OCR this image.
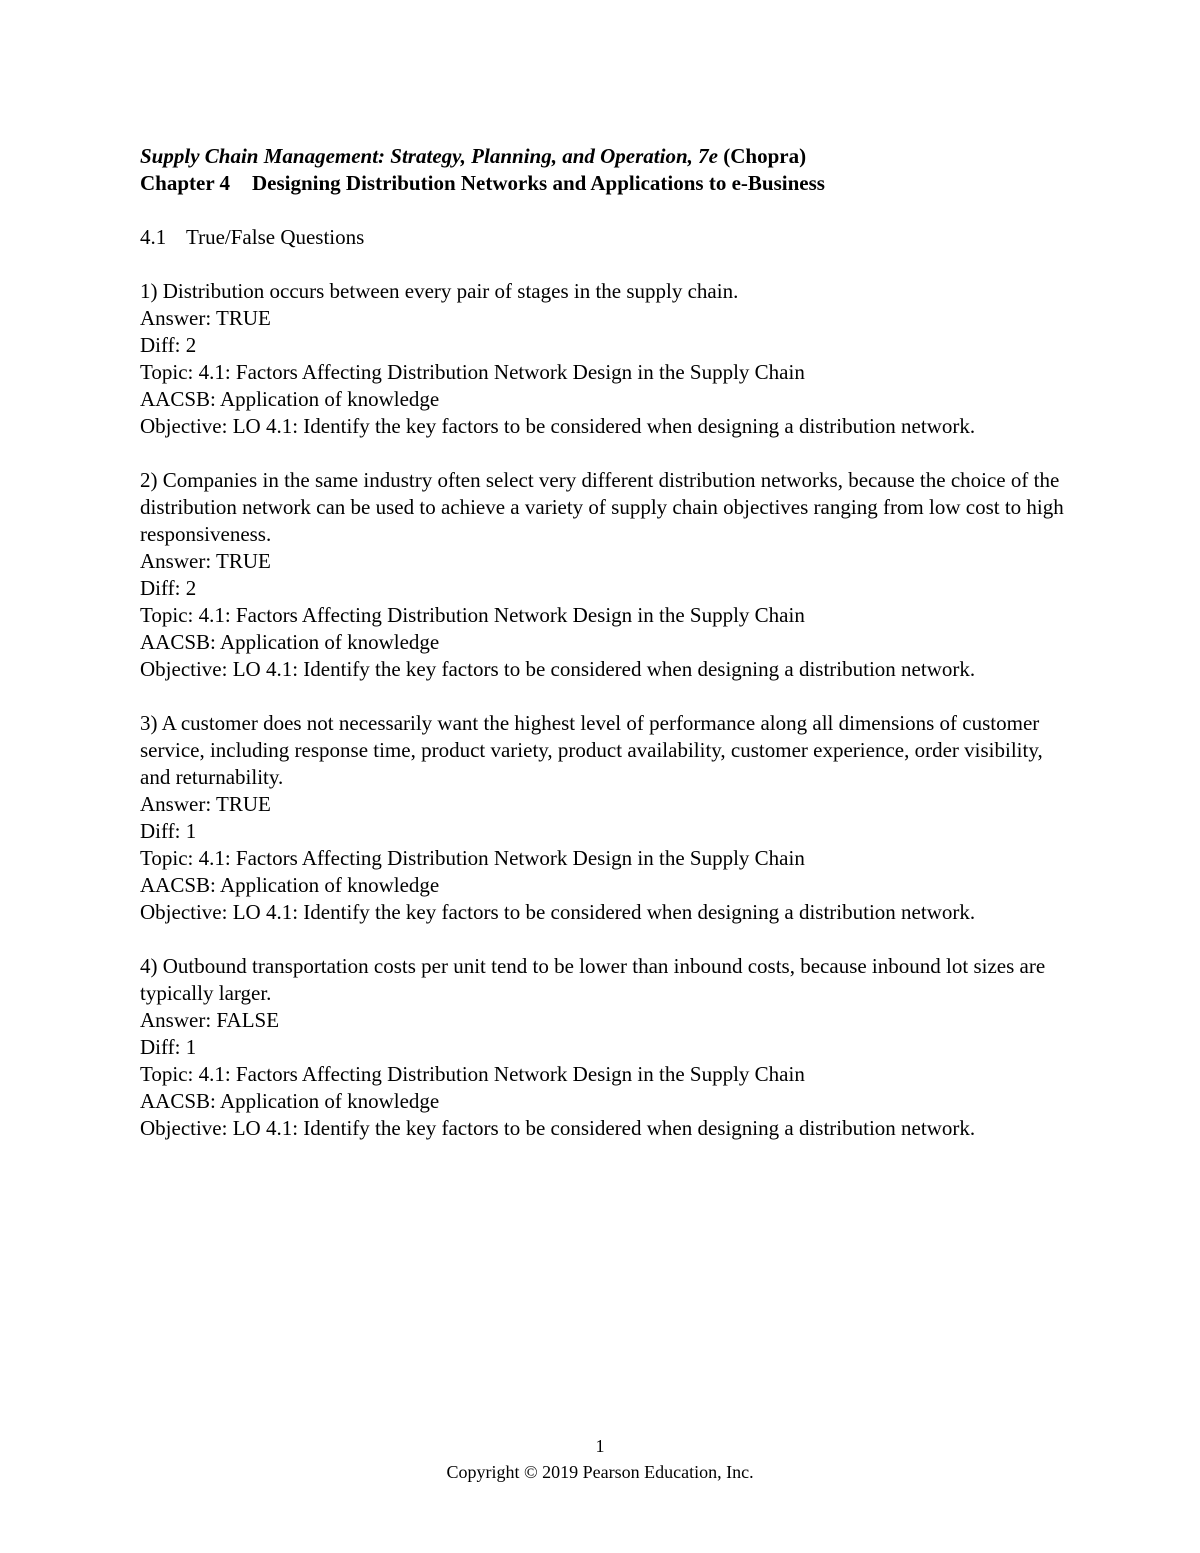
Supply Chain Management: Strategy, Planning, and Operation, 7e (Chopra)

Chapter 4 Designing Distribution Networks and Applications to e-Business

4.1 True/False Questions

1) Distribution occurs between every pair of stages in the supply chain.
Answer: TRUE
Diff: 2
Topic: 4.1: Factors Affecting Distribution Network Design in the Supply Chain
AACSB: Application of knowledge
Objective: LO 4.1: Identify the key factors to be considered when designing a distribution network.
2) Companies in the same industry often select very different distribution networks, because the choice of the distribution network can be used to achieve a variety of supply chain objectives ranging from low cost to high responsiveness.
Answer: TRUE
Diff: 2
Topic: 4.1: Factors Affecting Distribution Network Design in the Supply Chain
AACSB: Application of knowledge
Objective: LO 4.1: Identify the key factors to be considered when designing a distribution network.
3) A customer does not necessarily want the highest level of performance along all dimensions of customer service, including response time, product variety, product availability, customer experience, order visibility, and returnability.
Answer: TRUE
Diff: 1
Topic: 4.1: Factors Affecting Distribution Network Design in the Supply Chain
AACSB: Application of knowledge
Objective: LO 4.1: Identify the key factors to be considered when designing a distribution network.
4) Outbound transportation costs per unit tend to be lower than inbound costs, because inbound lot sizes are typically larger.
Answer: FALSE
Diff: 1
Topic: 4.1: Factors Affecting Distribution Network Design in the Supply Chain
AACSB: Application of knowledge
Objective: LO 4.1: Identify the key factors to be considered when designing a distribution network.
1
Copyright © 2019 Pearson Education, Inc.
